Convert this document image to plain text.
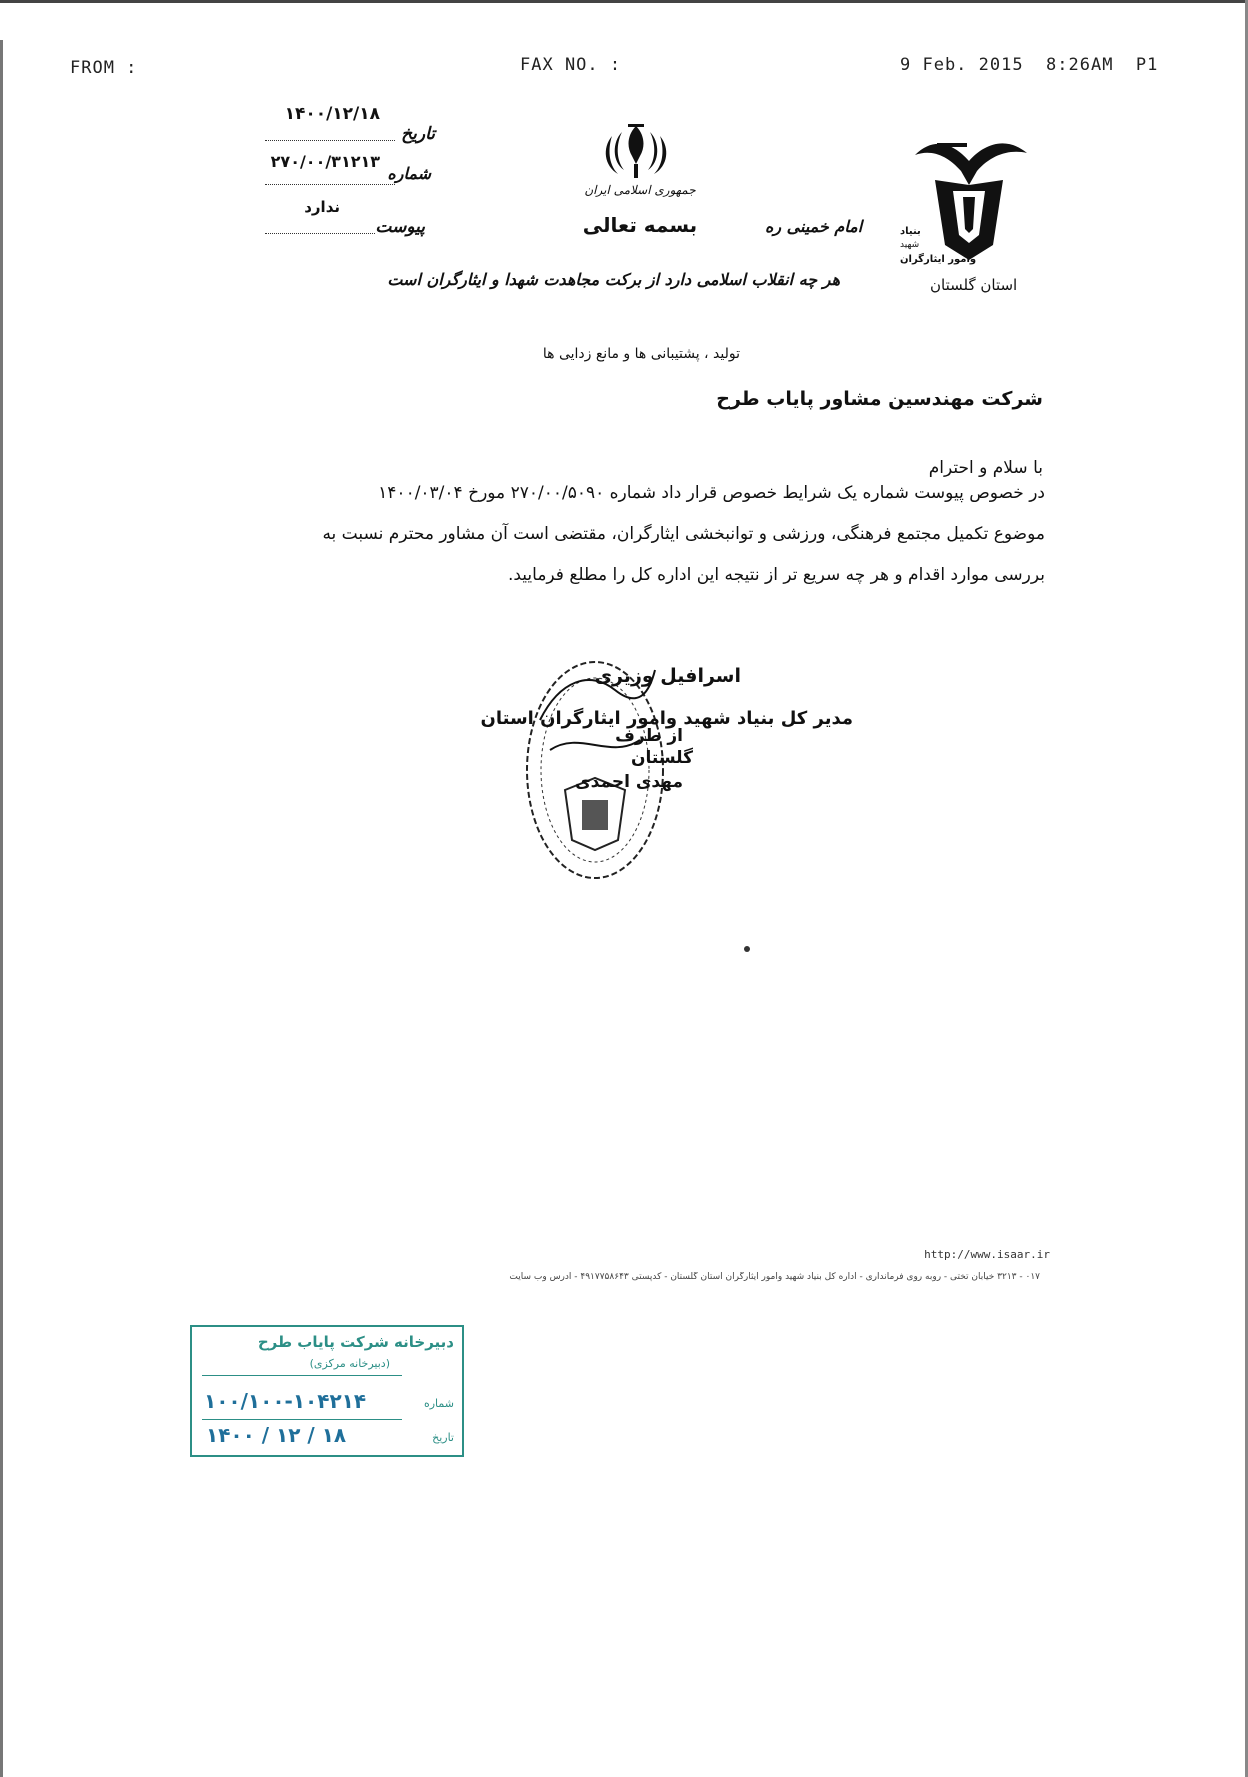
FROM :	FAX NO. :	9 Feb. 2015  8:26AM  P1
۱۴۰۰/۱۲/۱۸
تاریخ
۲۷۰/۰۰/۳۱۲۱۳
شماره
ندارد
پیوست
جمهوری اسلامی ایران
بسمه تعالی	امام خمینی ره	بنیاد
شهید
وامور ایثارگران
استان گلستان
هر چه انقلاب اسلامی دارد از برکت مجاهدت شهدا و ایثارگران است
تولید ، پشتیبانی ها و مانع زدایی ها
شرکت مهندسین مشاور پایاب طرح
با سلام و احترام
در خصوص پیوست شماره یک شرایط خصوص قرار داد شماره ۲۷۰/۰۰/۵۰۹۰ مورخ ۱۴۰۰/۰۳/۰۴
موضوع تکمیل مجتمع فرهنگی، ورزشی و توانبخشی ایثارگران، مقتضی است آن مشاور محترم نسبت به
بررسی موارد اقدام و هر چه سریع تر از نتیجه این اداره کل را مطلع فرمایید.
اسرافیل وزیری
مدیر کل بنیاد شهید وامور ایثارگران استان
از طرف
گلستان
مهدی احمدی
http://www.isaar.ir
۰۱۷ - ۳۲۱۳ خیابان تختی - روبه روی فرمانداری - اداره کل بنیاد شهید وامور ایثارگران استان گلستان - کدپستی ۴۹۱۷۷۵۸۶۴۳ - آدرس وب سایت
دبیرخانه شرکت پایاب طرح
(دبیرخانه مرکزی)
شماره
۱۰۰/۱۰۰-۱۰۴۲۱۴
تاریخ
۱۴۰۰ / ۱۲ / ۱۸
